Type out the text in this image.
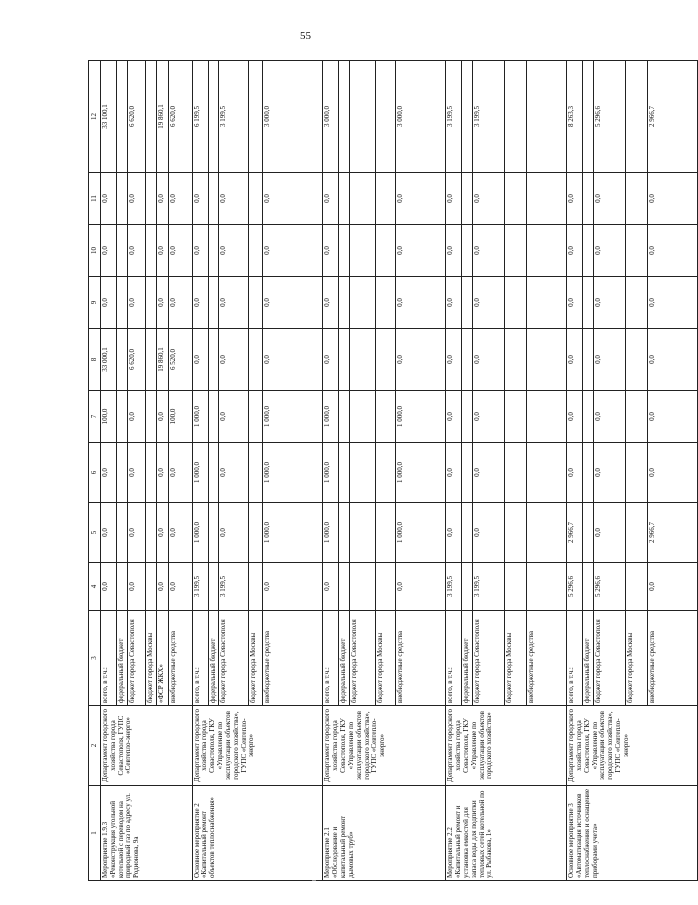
55
1	2	3	4	5	6	7	8	9	10	11	12
Мероприятие 1.9.3 «Реконструкция угольной котельной с переводом на природный газ по адресу ул. Родионова, 9а	Департамент городского хозяйства города Севастополя, ГУПС «Севтепло-энерго»	всего, в т.ч.:	0,0	0,0	0,0	100,0	33 000,1	0,0	0,0	0,0	33 100,1
		федеральный бюджет									
		бюджет города Севастополя	0,0	0,0	0,0	0,0	6 620,0	0,0	0,0	0,0	6 620,0
		бюджет города Москвы									
		«ФСР ЖКХ»	0,0	0,0	0,0	0,0	19 860,1	0,0	0,0	0,0	19 860,1
		внебюджетные средства	0,0	0,0	0,0	100,0	6 520,0	0,0	0,0	0,0	6 620,0
Основное мероприятие 2 «Капитальный ремонт объектов теплоснабжения»	Департамент городского хозяйства города Севастополя, ГКУ «Управление по эксплуатации объектов городского хозяйства», ГУПС «Севтепло-энерго»	всего, в т.ч.:	3 199,5	1 000,0	1 000,0	1 000,0	0,0	0,0	0,0	0,0	6 199,5
		федеральный бюджет									
		бюджет города Севастополя	3 199,5	0,0	0,0	0,0	0,0	0,0	0,0	0,0	3 199,5
		бюджет города Москвы									
		внебюджетные средства	0,0	1 000,0	1 000,0	1 000,0	0,0	0,0	0,0	0,0	3 000,0
Мероприятие 2.1 «Обследование и капитальный ремонт дымовых труб»	Департамент городского хозяйства города Севастополя, ГКУ «Управление по эксплуатации объектов городского хозяйства», ГУПС «Севтепло-энерго»	всего, в т.ч.:	0,0	1 000,0	1 000,0	1 000,0	0,0	0,0	0,0	0,0	3 000,0
		федеральный бюджет									
		бюджет города Севастополя									
		бюджет города Москвы									
		внебюджетные средства	0,0	1 000,0	1 000,0	1 000,0	0,0	0,0	0,0	0,0	3 000,0
Мероприятие 2.2 «Капитальный ремонт и установка емкостей для запаса воды для подпитки тепловых сетей котельной по ул. Рыбакова, 1»	Департамент городского хозяйства города Севастополя, ГКУ «Управление по эксплуатации объектов городского хозяйства»	всего, в т.ч.:	3 199,5	0,0	0,0	0,0	0,0	0,0	0,0	0,0	3 199,5
		федеральный бюджет									
		бюджет города Севастополя	3 199,5	0,0	0,0	0,0	0,0	0,0	0,0	0,0	3 199,5
		бюджет города Москвы									
		внебюджетные средства									
Основное мероприятие 3 «Автоматизация источников теплоснабжения и оснащение приборами учета»	Департамент городского хозяйства города Севастополя, ГКУ «Управление по эксплуатации объектов городского хозяйства», ГУПС «Севтепло-энерго»	всего, в т.ч.:	5 296,6	2 966,7	0,0	0,0	0,0	0,0	0,0	0,0	8 263,3
		федеральный бюджет									
		бюджет города Севастополя	5 296,6	0,0	0,0	0,0	0,0	0,0	0,0	0,0	5 296,6
		бюджет города Москвы									
		внебюджетные средства	0,0	2 966,7	0,0	0,0	0,0	0,0	0,0	0,0	2 966,7
